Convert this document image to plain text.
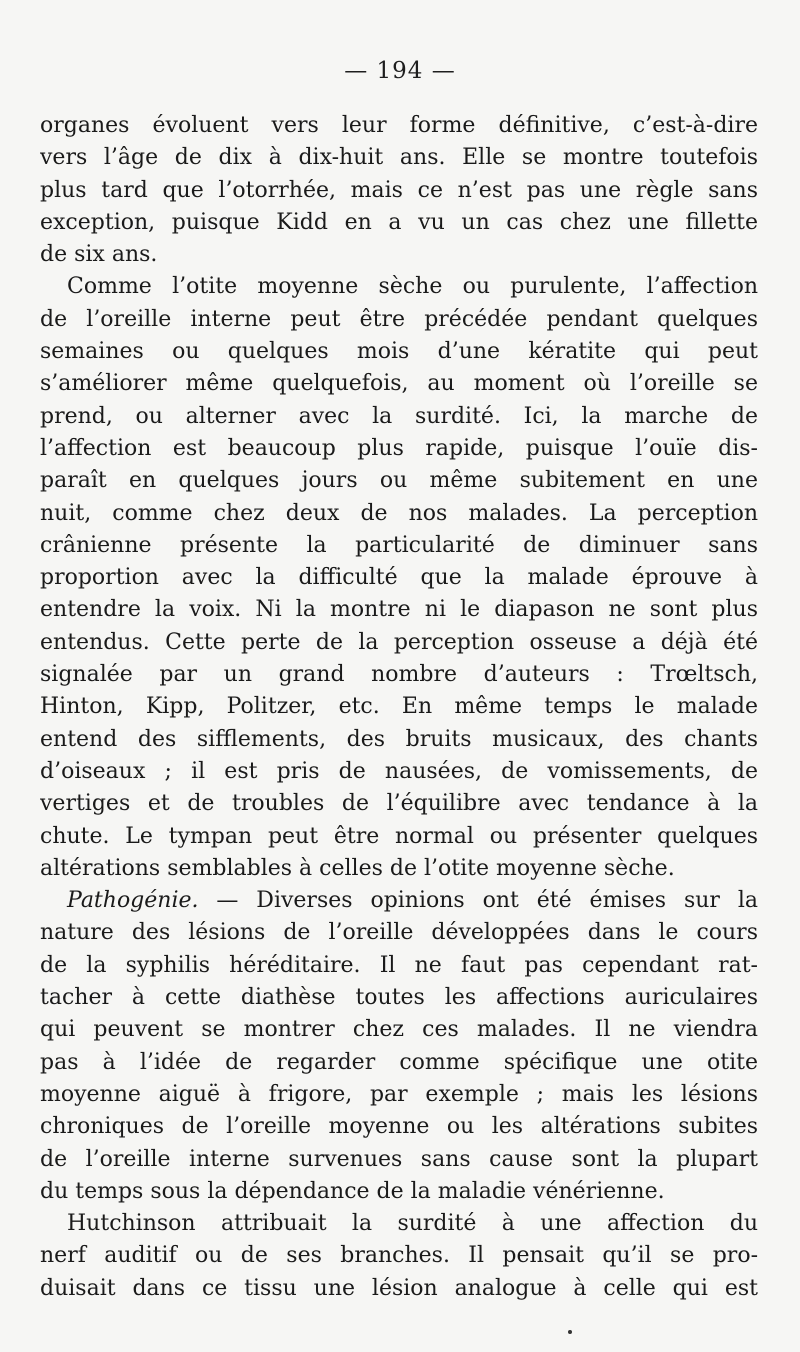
— 194 —
organes évoluent vers leur forme définitive, c’est-à-dire
vers l’âge de dix à dix-huit ans. Elle se montre toutefois
plus tard que l’otorrhée, mais ce n’est pas une règle sans
exception, puisque Kidd en a vu un cas chez une fillette
de six ans.
Comme l’otite moyenne sèche ou purulente, l’affection
de l’oreille interne peut être précédée pendant quelques
semaines ou quelques mois d’une kératite qui peut
s’améliorer même quelquefois, au moment où l’oreille se
prend, ou alterner avec la surdité. Ici, la marche de
l’affection est beaucoup plus rapide, puisque l’ouïe dis-
paraît en quelques jours ou même subitement en une
nuit, comme chez deux de nos malades. La perception
crânienne présente la particularité de diminuer sans
proportion avec la difficulté que la malade éprouve à
entendre la voix. Ni la montre ni le diapason ne sont plus
entendus. Cette perte de la perception osseuse a déjà été
signalée par un grand nombre d’auteurs : Trœltsch,
Hinton, Kipp, Politzer, etc. En même temps le malade
entend des sifflements, des bruits musicaux, des chants
d’oiseaux ; il est pris de nausées, de vomissements, de
vertiges et de troubles de l’équilibre avec tendance à la
chute. Le tympan peut être normal ou présenter quelques
altérations semblables à celles de l’otite moyenne sèche.
Pathogénie. — Diverses opinions ont été émises sur la
nature des lésions de l’oreille développées dans le cours
de la syphilis héréditaire. Il ne faut pas cependant rat-
tacher à cette diathèse toutes les affections auriculaires
qui peuvent se montrer chez ces malades. Il ne viendra
pas à l’idée de regarder comme spécifique une otite
moyenne aiguë à frigore, par exemple ; mais les lésions
chroniques de l’oreille moyenne ou les altérations subites
de l’oreille interne survenues sans cause sont la plupart
du temps sous la dépendance de la maladie vénérienne.
Hutchinson attribuait la surdité à une affection du
nerf auditif ou de ses branches. Il pensait qu’il se pro-
duisait dans ce tissu une lésion analogue à celle qui est
